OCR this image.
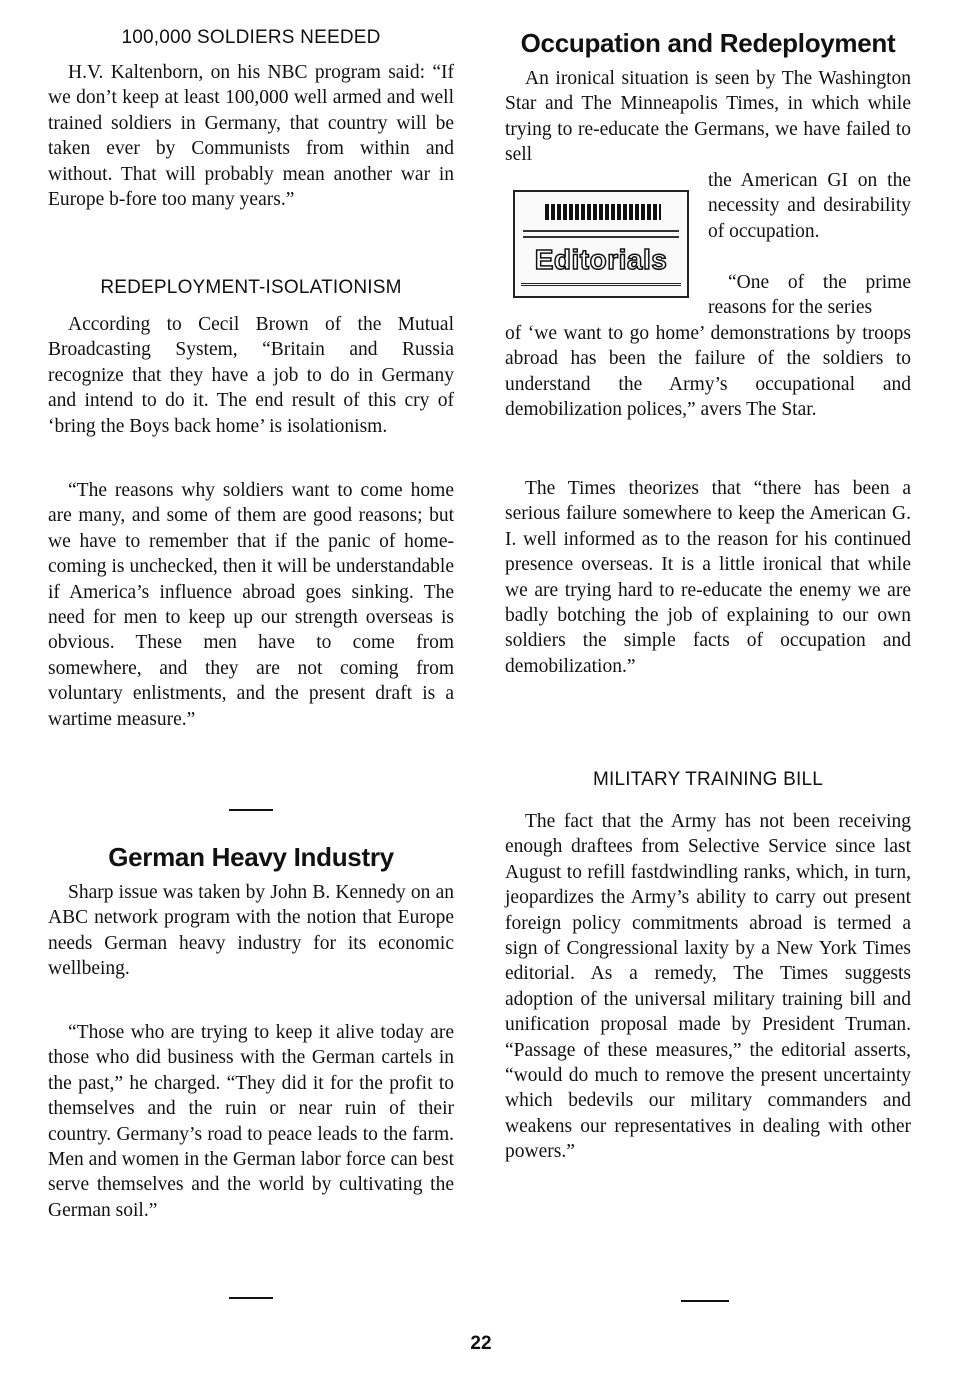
100,000 SOLDIERS NEEDED

H.V. Kaltenborn, on his NBC program said: “If we don’t keep at least 100,000 well armed and well trained soldiers in Germany, that country will be taken ever by Communists from within and without. That will probably mean another war in Europe b-fore too many years.”

REDEPLOYMENT-ISOLATIONISM

According to Cecil Brown of the Mutual Broadcasting System, “Britain and Russia recognize that they have a job to do in Germany and intend to do it. The end result of this cry of ‘bring the Boys back home’ is isolationism.

“The reasons why soldiers want to come home are many, and some of them are good reasons; but we have to remember that if the panic of home-coming is unchecked, then it will be understandable if America’s influence abroad goes sinking. The need for men to keep up our strength overseas is obvious. These men have to come from somewhere, and they are not coming from voluntary enlistments, and the present draft is a wartime measure.”

German Heavy Industry

Sharp issue was taken by John B. Kennedy on an ABC network program with the notion that Europe needs German heavy industry for its economic wellbeing.

“Those who are trying to keep it alive today are those who did business with the German cartels in the past,” he charged. “They did it for the profit to themselves and the ruin or near ruin of their country. Germany’s road to peace leads to the farm. Men and women in the German labor force can best serve themselves and the world by cultivating the German soil.”

Occupation and Redeployment

An ironical situation is seen by The Washington Star and The Minneapolis Times, in which while trying to re-educate the Germans, we have failed to sell

Editorials

the American GI on the necessity and desirability of occupation.

“One of the prime reasons for the series

of ‘we want to go home’ demonstrations by troops abroad has been the failure of the soldiers to understand the Army’s occupational and demobilization polices,” avers The Star.

The Times theorizes that “there has been a serious failure somewhere to keep the American G. I. well informed as to the reason for his continued presence overseas. It is a little ironical that while we are trying hard to re-educate the enemy we are badly botching the job of explaining to our own soldiers the simple facts of occupation and demobilization.”

MILITARY TRAINING BILL

The fact that the Army has not been receiving enough draftees from Selective Service since last August to refill fastdwindling ranks, which, in turn, jeopardizes the Army’s ability to carry out present foreign policy commitments abroad is termed a sign of Congressional laxity by a New York Times editorial. As a remedy, The Times suggests adoption of the universal military training bill and unification proposal made by President Truman. “Passage of these measures,” the editorial asserts, “would do much to remove the present uncertainty which bedevils our military commanders and weakens our representatives in dealing with other powers.”

22
